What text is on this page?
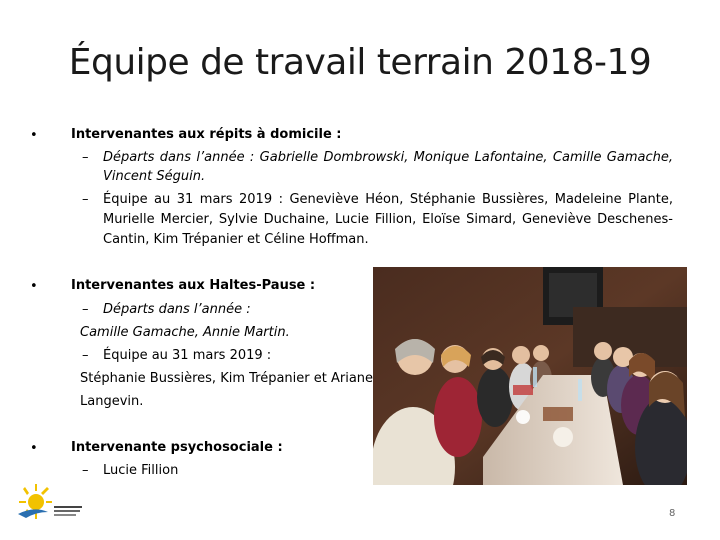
Équipe de travail terrain 2018-19
•	Intervenantes aux répits à domicile :
– Départs dans l’année : Gabrielle Dombrowski, Monique Lafontaine, Camille Gamache,
Vincent Séguin.
– Équipe au 31 mars 2019 : Geneviève Héon, Stéphanie Bussières, Madeleine Plante,
Murielle Mercier, Sylvie Duchaine, Lucie Fillion, Eloïse Simard, Geneviève Deschenes-
Cantin, Kim Trépanier et Céline Hoffman.
•	Intervenantes aux Haltes-Pause :
– Départs dans l’année :
Camille Gamache, Annie Martin.
– Équipe au 31 mars 2019 :
Stéphanie Bussières, Kim Trépanier et Ariane
Langevin.
•	Intervenante psychosociale :
– Lucie Fillion
8
